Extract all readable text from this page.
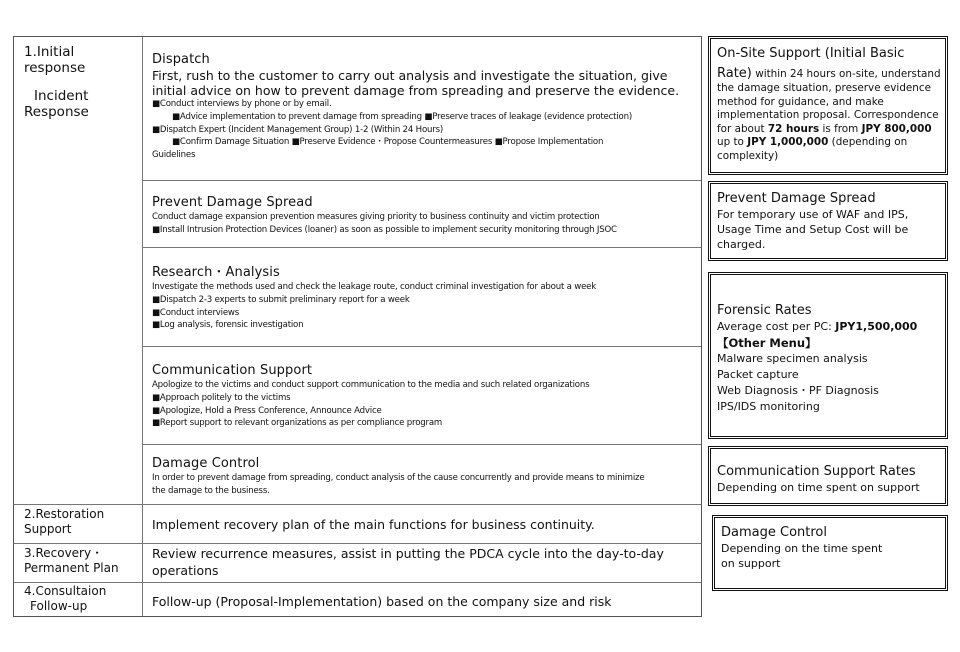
1.Initial
response
Incident
Response
Dispatch
First, rush to the customer to carry out analysis and investigate the situation, give initial advice on how to prevent damage from spreading and preserve the evidence.
■Conduct interviews by phone or by email.
■Advice implementation to prevent damage from spreading ■Preserve traces of leakage (evidence protection)
■Dispatch Expert (Incident Management Group) 1-2 (Within 24 Hours)
■Confirm Damage Situation ■Preserve Evidence・Propose Countermeasures ■Propose Implementation
Guidelines
Prevent Damage Spread
Conduct damage expansion prevention measures giving priority to business continuity and victim protection
■Install Intrusion Protection Devices (loaner) as soon as possible to implement security monitoring through JSOC
Research・Analysis
Investigate the methods used and check the leakage route, conduct criminal investigation for about a week
■Dispatch 2-3 experts to submit preliminary report for a week
■Conduct interviews
■Log analysis, forensic investigation
Communication Support
Apologize to the victims and conduct support communication to the media and such related organizations
■Approach politely to the victims
■Apologize, Hold a Press Conference, Announce Advice
■Report support to relevant organizations as per compliance program
Damage Control
In order to prevent damage from spreading, conduct analysis of the cause concurrently and provide means to minimize
the damage to the business.
2.Restoration
Support	Implement recovery plan of the main functions for business continuity.
3.Recovery・
Permanent Plan
Review recurrence measures, assist in putting the PDCA cycle into the day-to-day operations
4.Consultaion
Follow-up	Follow-up (Proposal-Implementation) based on the company size and risk
On-Site Support (Initial Basic
Rate) within 24 hours on-site, understand
the damage situation, preserve evidence
method for guidance, and make
implementation proposal. Correspondence
for about 72 hours is from JPY 800,000
up to JPY 1,000,000 (depending on
complexity)
Prevent Damage Spread
For temporary use of WAF and IPS,
Usage Time and Setup Cost will be
charged.
Forensic Rates
Average cost per PC: JPY1,500,000
【Other Menu】
Malware specimen analysis
Packet capture
Web Diagnosis・PF Diagnosis
IPS/IDS monitoring
Communication Support Rates
Depending on time spent on support
Damage Control
Depending on the time spent
on support
